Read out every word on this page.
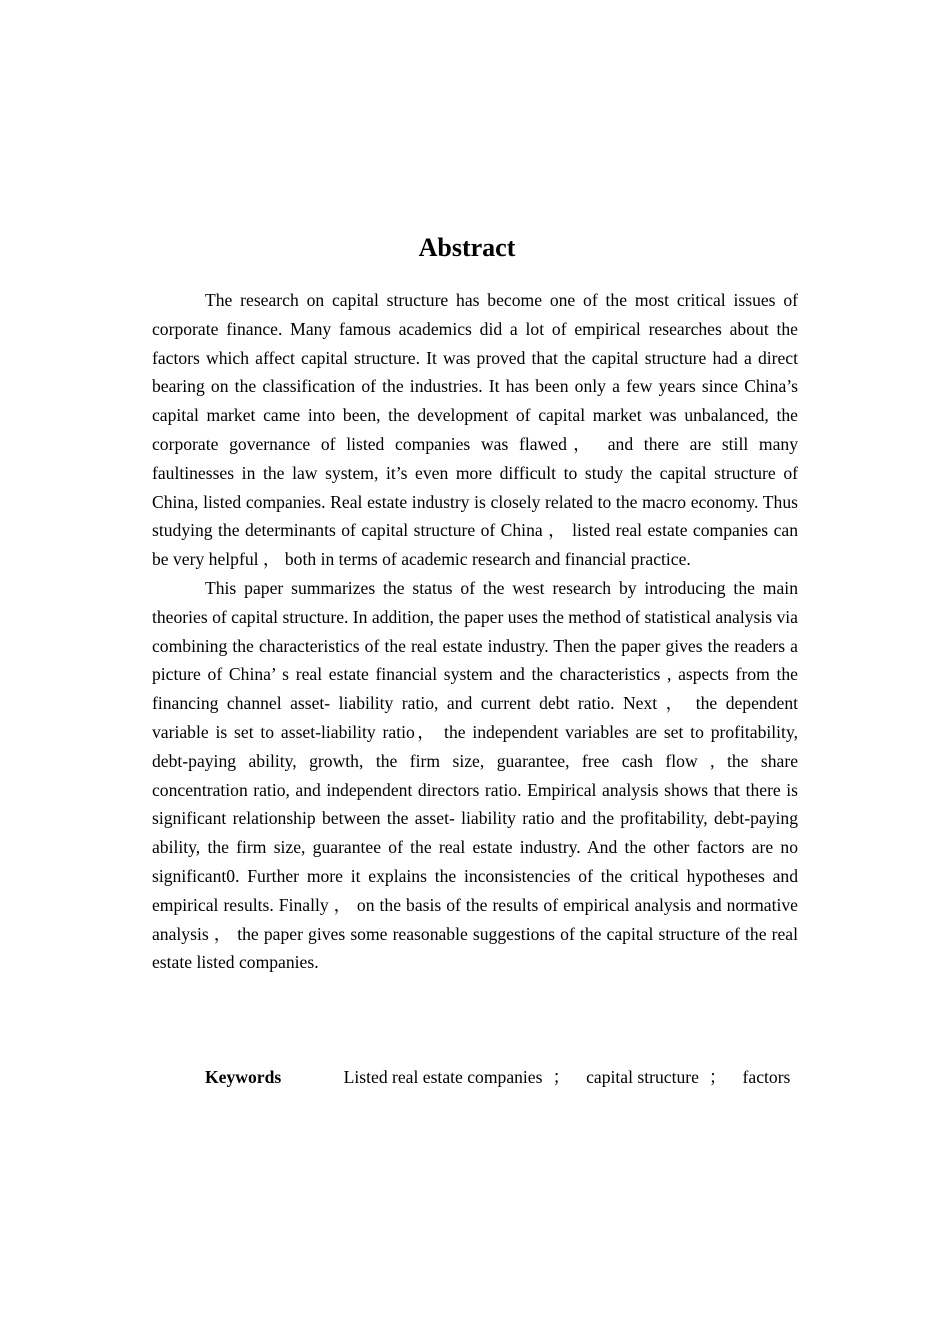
Abstract

The research on capital structure has become one of the most critical issues of corporate finance. Many famous academics did a lot of empirical researches about the factors which affect capital structure. It was proved that the capital structure had a direct bearing on the classification of the industries. It has been only a few years since China’s capital market came into been, the development of capital market was unbalanced, the corporate governance of listed companies was flawed， and there are still many faultinesses in the law system, it’s even more difficult to study the capital structure of China, listed companies. Real estate industry is closely related to the macro economy. Thus studying the determinants of capital structure of China ， listed real estate companies can be very helpful ， both in terms of academic research and financial practice.

This paper summarizes the status of the west research by introducing the main theories of capital structure. In addition, the paper uses the method of statistical analysis via combining the characteristics of the real estate industry. Then the paper gives the readers a picture of China’ s real estate financial system and the characteristics , aspects from the financing channel asset- liability ratio, and current debt ratio. Next ， the dependent variable is set to asset-liability ratio， the independent variables are set to profitability, debt-paying ability, growth, the firm size, guarantee, free cash flow , the share concentration ratio, and independent directors ratio. Empirical analysis shows that there is significant relationship between the asset- liability ratio and the profitability, debt-paying ability, the firm size, guarantee of the real estate industry. And the other factors are no significant0. Further more it explains the inconsistencies of the critical hypotheses and empirical results. Finally ， on the basis of the results of empirical analysis and normative analysis ， the paper gives some reasonable suggestions of the capital structure of the real estate listed companies.

Keywords	Listed real estate companies ； capital structure ； factors
